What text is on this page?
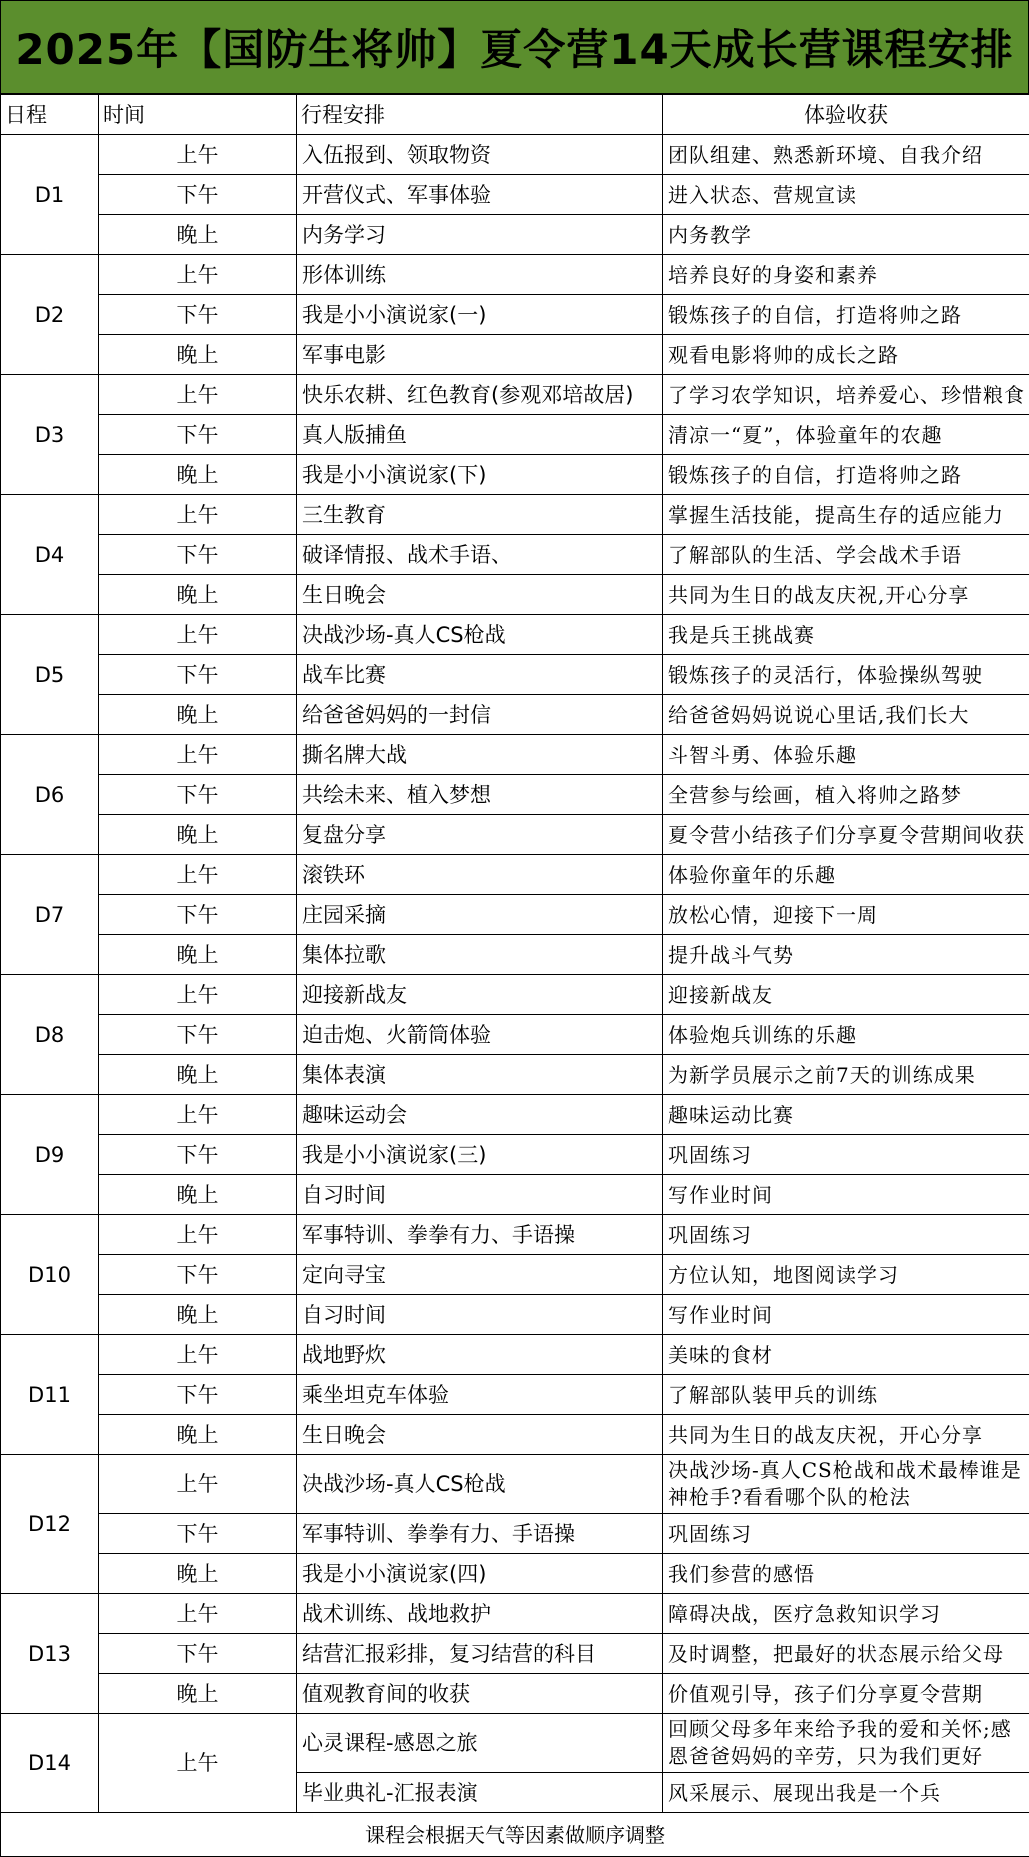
2025年【国防生将帅】夏令营14天成长营课程安排
日程	时间	行程安排	体验收获
D1	上午	入伍报到、领取物资	团队组建、熟悉新环境、自我介绍
	下午	开营仪式、军事体验	进入状态、营规宣读
	晚上	内务学习	内务教学
D2	上午	形体训练	培养良好的身姿和素养
	下午	我是小小演说家(一)	锻炼孩子的自信，打造将帅之路
	晚上	军事电影	观看电影将帅的成长之路
D3	上午	快乐农耕、红色教育(参观邓培故居)	了学习农学知识，培养爱心、珍惜粮食
	下午	真人版捕鱼	清凉一“夏”，体验童年的农趣
	晚上	我是小小演说家(下)	锻炼孩子的自信，打造将帅之路
D4	上午	三生教育	掌握生活技能，提高生存的适应能力
	下午	破译情报、战术手语、	了解部队的生活、学会战术手语
	晚上	生日晚会	共同为生日的战友庆祝,开心分享
D5	上午	决战沙场-真人CS枪战	我是兵王挑战赛
	下午	战车比赛	锻炼孩子的灵活行，体验操纵驾驶
	晚上	给爸爸妈妈的一封信	给爸爸妈妈说说心里话,我们长大
D6	上午	撕名牌大战	斗智斗勇、体验乐趣
	下午	共绘未来、植入梦想	全营参与绘画，植入将帅之路梦
	晚上	复盘分享	夏令营小结孩子们分享夏令营期间收获
D7	上午	滚铁环	体验你童年的乐趣
	下午	庄园采摘	放松心情，迎接下一周
	晚上	集体拉歌	提升战斗气势
D8	上午	迎接新战友	迎接新战友
	下午	迫击炮、火箭筒体验	体验炮兵训练的乐趣
	晚上	集体表演	为新学员展示之前7天的训练成果
D9	上午	趣味运动会	趣味运动比赛
	下午	我是小小演说家(三)	巩固练习
	晚上	自习时间	写作业时间
D10	上午	军事特训、拳拳有力、手语操	巩固练习
	下午	定向寻宝	方位认知，地图阅读学习
	晚上	自习时间	写作业时间
D11	上午	战地野炊	美味的食材
	下午	乘坐坦克车体验	了解部队装甲兵的训练
	晚上	生日晚会	共同为生日的战友庆祝，开心分享
D12	上午	决战沙场-真人CS枪战	决战沙场-真人CS枪战和战术最棒谁是神枪手?看看哪个队的枪法
	下午	军事特训、拳拳有力、手语操	巩固练习
	晚上	我是小小演说家(四)	我们参营的感悟
D13	上午	战术训练、战地救护	障碍决战，医疗急救知识学习
	下午	结营汇报彩排，复习结营的科目	及时调整，把最好的状态展示给父母
	晚上	值观教育间的收获	价值观引导，孩子们分享夏令营期
D14	上午	心灵课程-感恩之旅	回顾父母多年来给予我的爱和关怀;感恩爸爸妈妈的辛劳，只为我们更好
		毕业典礼-汇报表演	风采展示、展现出我是一个兵
课程会根据天气等因素做顺序调整			
